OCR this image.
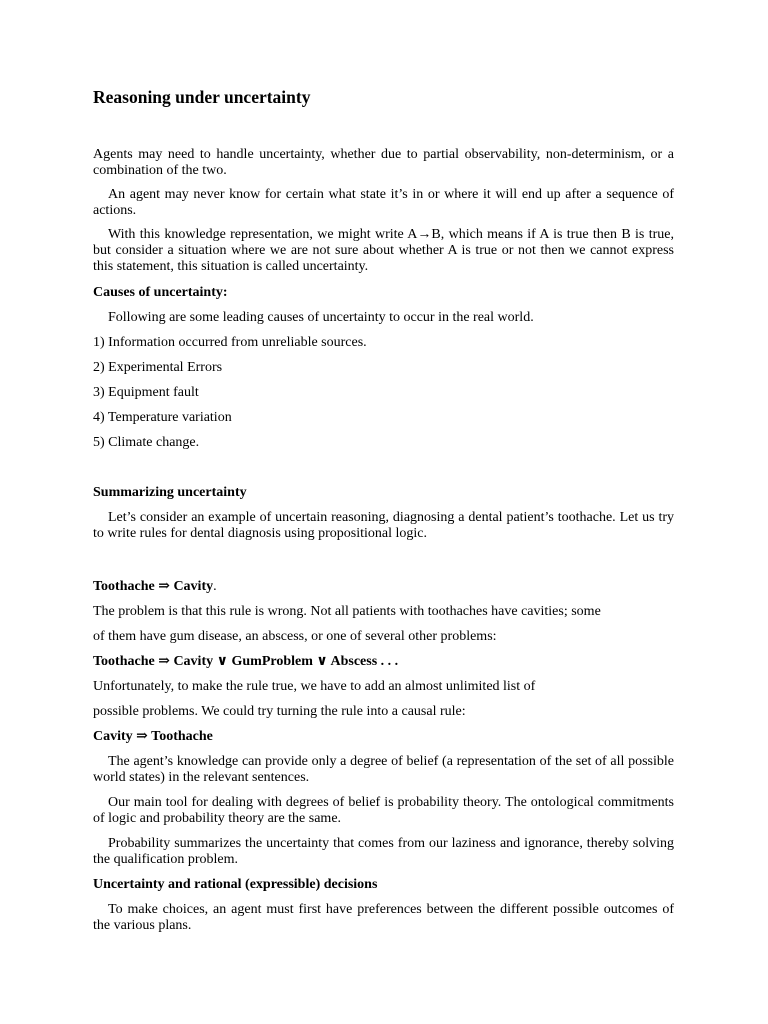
Reasoning under uncertainty

Agents may need to handle uncertainty, whether due to partial observability, non-determinism, or a combination of the two.

An agent may never know for certain what state it’s in or where it will end up after a sequence of actions.

With this knowledge representation, we might write A→B, which means if A is true then B is true, but consider a situation where we are not sure about whether A is true or not then we cannot express this statement, this situation is called uncertainty.

Causes of uncertainty:

Following are some leading causes of uncertainty to occur in the real world.

1) Information occurred from unreliable sources.

2) Experimental Errors

3) Equipment fault

4) Temperature variation

5) Climate change.

Summarizing uncertainty

Let’s consider an example of uncertain reasoning, diagnosing a dental patient’s toothache. Let us try to write rules for dental diagnosis using propositional logic.

Toothache ⇒ Cavity.

The problem is that this rule is wrong. Not all patients with toothaches have cavities; some

of them have gum disease, an abscess, or one of several other problems:

Toothache ⇒ Cavity ∨ GumProblem ∨ Abscess . . .

Unfortunately, to make the rule true, we have to add an almost unlimited list of

possible problems. We could try turning the rule into a causal rule:

Cavity ⇒ Toothache

The agent’s knowledge can provide only a degree of belief (a representation of the set of all possible world states) in the relevant sentences.

Our main tool for dealing with degrees of belief is probability theory. The ontological commitments of logic and probability theory are the same.

Probability summarizes the uncertainty that comes from our laziness and ignorance, thereby solving the qualification problem.

Uncertainty and rational (expressible) decisions

To make choices, an agent must first have preferences between the different possible outcomes of the various plans.
